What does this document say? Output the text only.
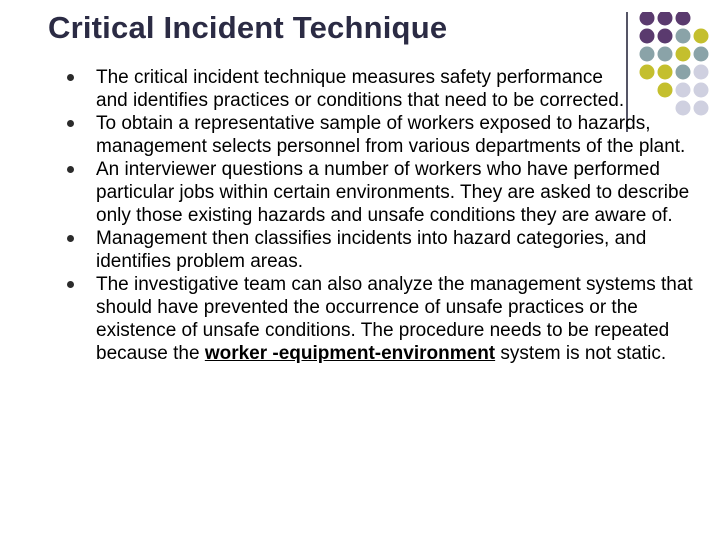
Critical Incident Technique
The critical incident technique measures safety performance and identifies practices or conditions that need to be corrected.
To obtain a representative sample of workers exposed to hazards, management selects personnel from various departments of the plant.
An interviewer questions a number of workers who have performed particular jobs within certain environments. They are asked to describe only those existing hazards and unsafe conditions they are aware of.
Management then classifies incidents into hazard categories, and identifies problem areas.
The investigative team can also analyze the management systems that should have prevented the occurrence of unsafe practices or the existence of unsafe conditions. The procedure needs to be repeated because the worker -equipment-environment system is not static.
